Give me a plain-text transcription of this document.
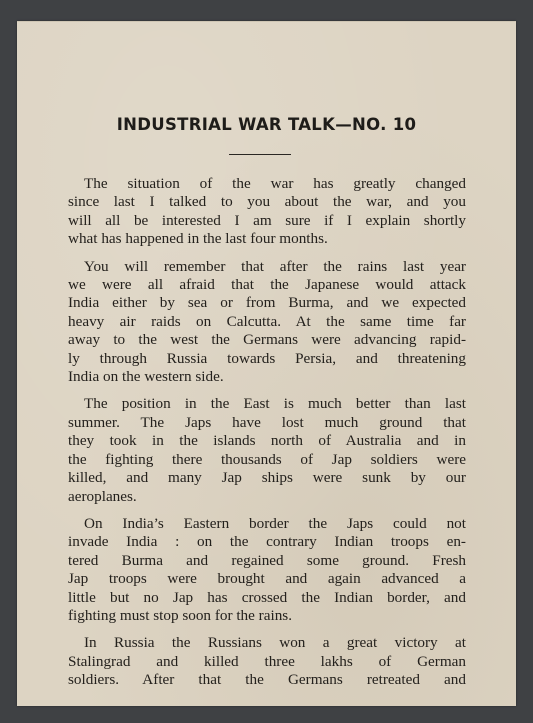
INDUSTRIAL WAR TALK—NO. 10
The situation of the war has greatly changed
since last I talked to you about the war, and you
will all be interested I am sure if I explain shortly
what has happened in the last four months.
You will remember that after the rains last year
we were all afraid that the Japanese would attack
India either by sea or from Burma, and we expected
heavy air raids on Calcutta. At the same time far
away to the west the Germans were advancing rapid-
ly through Russia towards Persia, and threatening
India on the western side.
The position in the East is much better than last
summer. The Japs have lost much ground that
they took in the islands north of Australia and in
the fighting there thousands of Jap soldiers were
killed, and many Jap ships were sunk by our
aeroplanes.
On India’s Eastern border the Japs could not
invade India : on the contrary Indian troops en-
tered Burma and regained some ground. Fresh
Jap troops were brought and again advanced a
little but no Jap has crossed the Indian border, and
fighting must stop soon for the rains.
In Russia the Russians won a great victory at
Stalingrad and killed three lakhs of German
soldiers. After that the Germans retreated and
